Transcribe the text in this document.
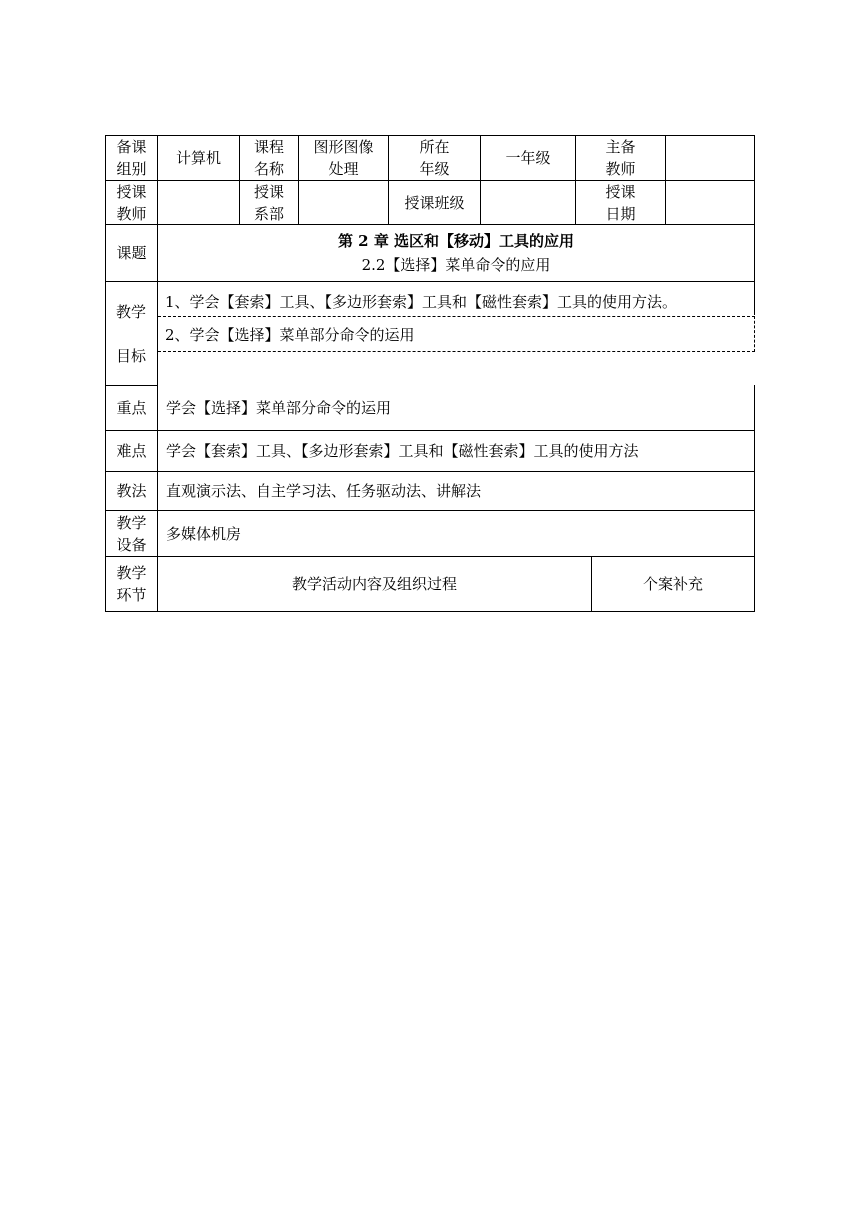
备课
组别
计算机
课程
名称
图形图像
处理
所在
年级
一年级
主备
教师
授课
教师
授课
系部
授课班级
授课
日期
课题
第 2 章 选区和【移动】工具的应用
2.2【选择】菜单命令的应用
教学
目标
1、学会【套索】工具、【多边形套索】工具和【磁性套索】工具的使用方法。
2、学会【选择】菜单部分命令的运用
重点 学会【选择】菜单部分命令的运用
难点 学会【套索】工具、【多边形套索】工具和【磁性套索】工具的使用方法
教法 直观演示法、自主学习法、任务驱动法、讲解法
教学
设备
多媒体机房
教学
环节
教学活动内容及组织过程	个案补充
